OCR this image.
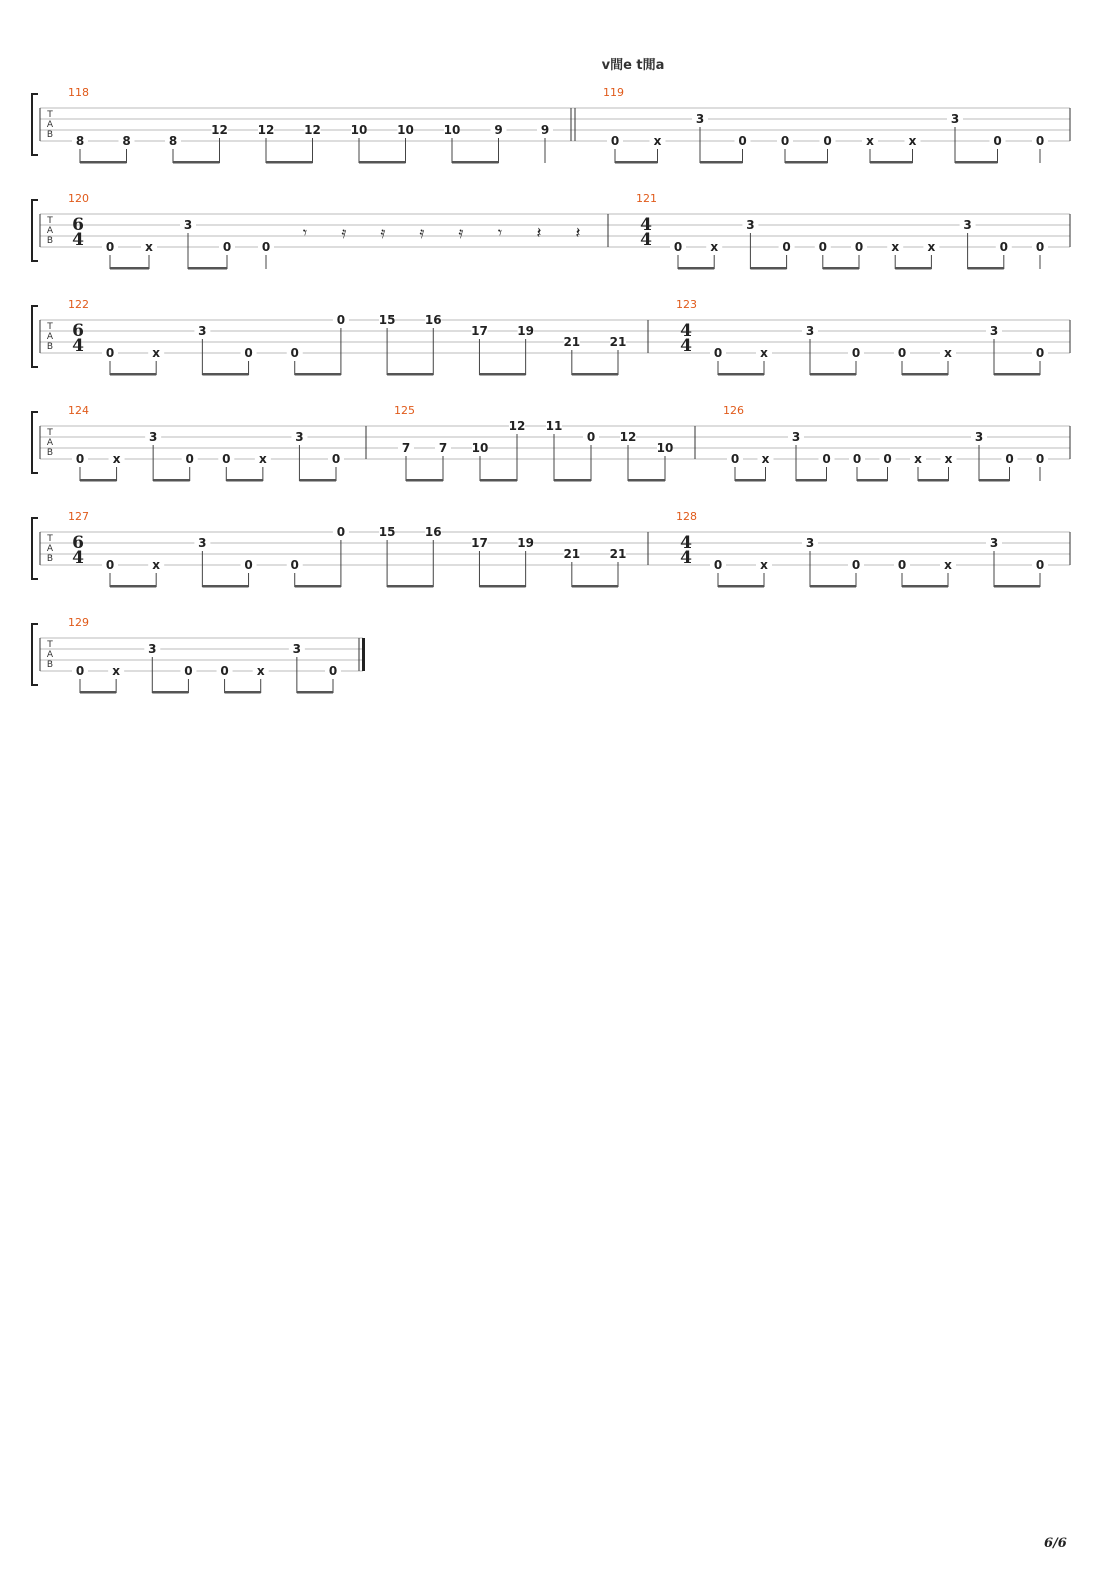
v間e t閒a
6/6
T
A
B
118
8	8	8
12 12 12 10 10 10	9	9
119
0	x
3
0	0	0	x	x
3
0	0
T
A
B
120
6
4 0	x
3
0	0
𝄾 𝄿 𝄿 𝄿 𝄿 𝄾 𝄽 𝄽
121
4
4 0 x
3
0 0 0 x x
3
0 0
T
A
B
122
6
4 0	x
3
0	0
0	15 16
17 19
21 21
123
4
4 0	x
3
0	0	x
3
0
T
A
B
124
0 x
3
0 0 x
3
0
125
7 7 10
12 11
0 12
10
126
0 x
3
0 0 0 x x
3
0 0
T
A
B
127
6
4 0	x
3
0	0
0	15 16
17 19
21 21
128
4
4 0	x
3
0	0	x
3
0
T
A
B
129
0 x
3
0 0 x
3
0
